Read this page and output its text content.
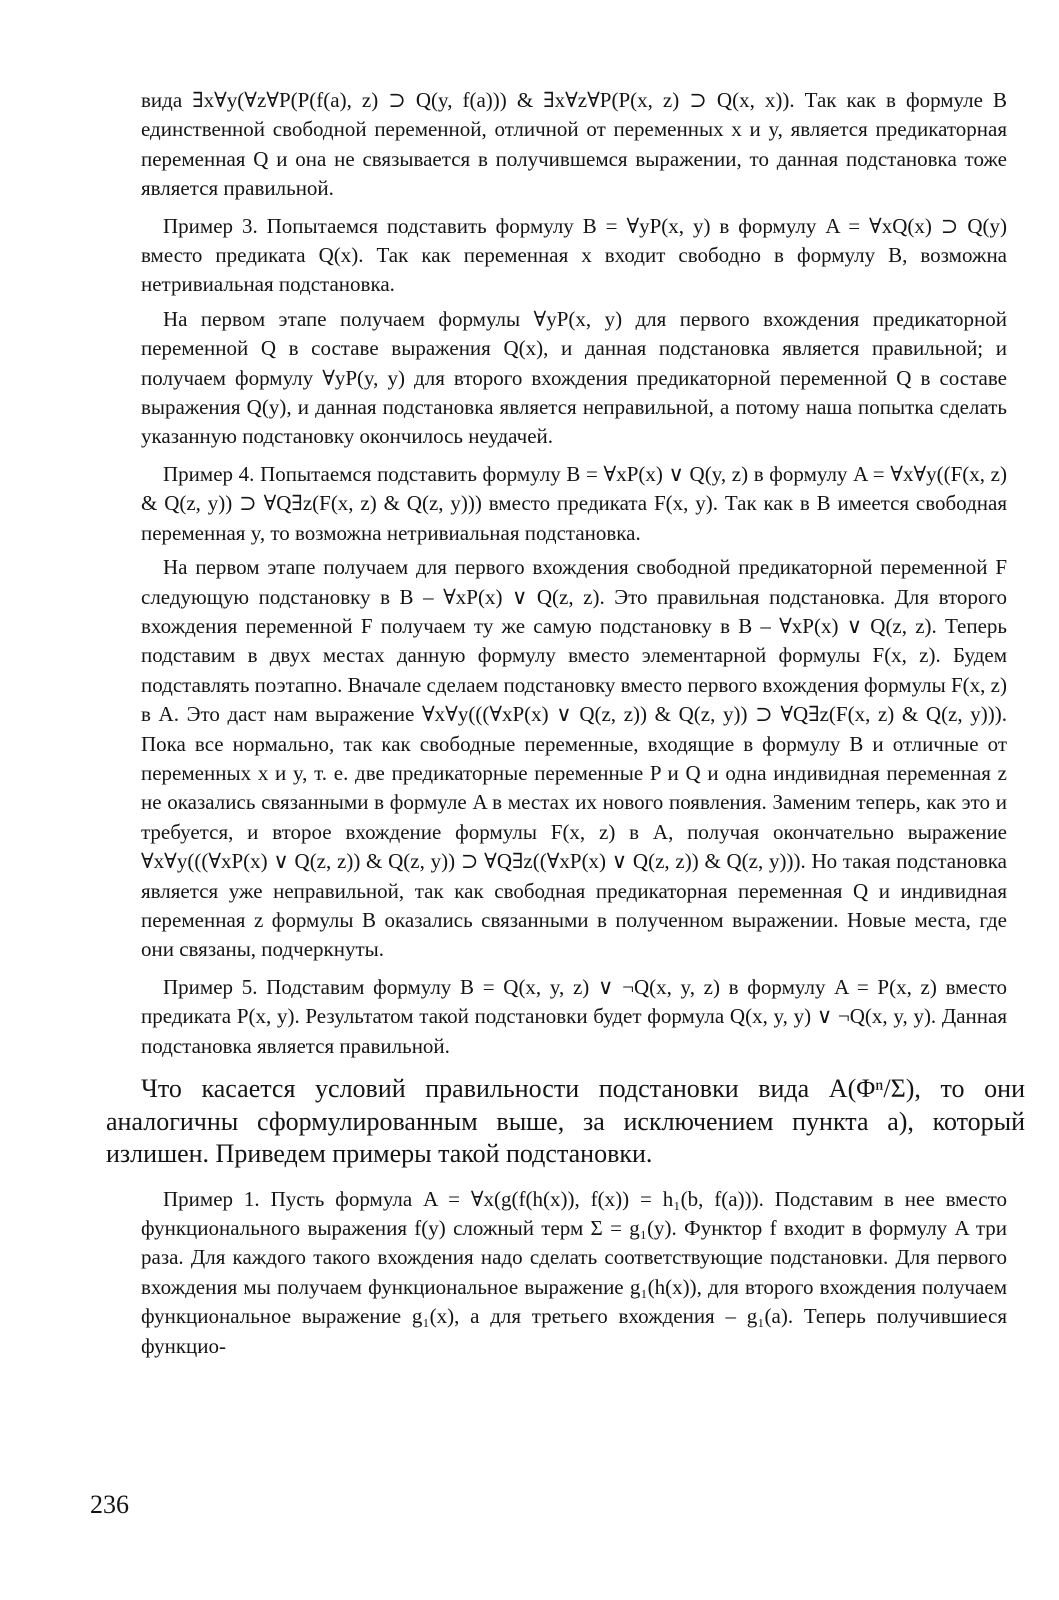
вида ∃x∀y(∀z∀P(P(f(a), z) ⊃ Q(y, f(a))) & ∃x∀z∀P(P(x, z) ⊃ Q(x, x)). Так как в формуле B единственной свободной переменной, отличной от переменных x и y, является предикаторная переменная Q и она не связывается в получившемся выражении, то данная подстановка тоже является правильной.

Пример 3. Попытаемся подставить формулу B = ∀yP(x, y) в формулу A = ∀xQ(x) ⊃ Q(y) вместо предиката Q(x). Так как переменная x входит свободно в формулу B, возможна нетривиальная подстановка.

На первом этапе получаем формулы ∀yP(x, y) для первого вхождения предикаторной переменной Q в составе выражения Q(x), и данная подстановка является правильной; и получаем формулу ∀yP(y, y) для второго вхождения предикаторной переменной Q в составе выражения Q(y), и данная подстановка является неправильной, а потому наша попытка сделать указанную подстановку окончилось неудачей.

Пример 4. Попытаемся подставить формулу B = ∀xP(x) ∨ Q(y, z) в формулу A = ∀x∀y((F(x, z) & Q(z, y)) ⊃ ∀Q∃z(F(x, z) & Q(z, y))) вместо предиката F(x, y). Так как в B имеется свободная переменная y, то возможна нетривиальная подстановка.

На первом этапе получаем для первого вхождения свободной предикаторной переменной F следующую подстановку в B – ∀xP(x) ∨ Q(z, z). Это правильная подстановка. Для второго вхождения переменной F получаем ту же самую подстановку в B – ∀xP(x) ∨ Q(z, z). Теперь подставим в двух местах данную формулу вместо элементарной формулы F(x, z). Будем подставлять поэтапно. Вначале сделаем подстановку вместо первого вхождения формулы F(x, z) в A. Это даст нам выражение ∀x∀y(((∀xP(x) ∨ Q(z, z)) & Q(z, y)) ⊃ ∀Q∃z(F(x, z) & Q(z, y))). Пока все нормально, так как свободные переменные, входящие в формулу B и отличные от переменных x и y, т. е. две предикаторные переменные P и Q и одна индивидная переменная z не оказались связанными в формуле A в местах их нового появления. Заменим теперь, как это и требуется, и второе вхождение формулы F(x, z) в A, получая окончательно выражение ∀x∀y(((∀xP(x) ∨ Q(z, z)) & Q(z, y)) ⊃ ∀Q∃z((∀xP(x) ∨ Q(z, z)) & Q(z, y))). Но такая подстановка является уже неправильной, так как свободная предикаторная переменная Q и индивидная переменная z формулы B оказались связанными в полученном выражении. Новые места, где они связаны, подчеркнуты.

Пример 5. Подставим формулу B = Q(x, y, z) ∨ ¬Q(x, y, z) в формулу A = P(x, z) вместо предиката P(x, y). Результатом такой подстановки будет формула Q(x, y, y) ∨ ¬Q(x, y, y). Данная подстановка является правильной.

Что касается условий правильности подстановки вида A(Φⁿ/Σ), то они аналогичны сформулированным выше, за исключением пункта а), который излишен. Приведем примеры такой подстановки.

Пример 1. Пусть формула A = ∀x(g(f(h(x)), f(x)) = h₁(b, f(a))). Подставим в нее вместо функционального выражения f(y) сложный терм Σ = g₁(y). Функтор f входит в формулу A три раза. Для каждого такого вхождения надо сделать соответствующие подстановки. Для первого вхождения мы получаем функциональное выражение g₁(h(x)), для второго вхождения получаем функциональное выражение g₁(x), а для третьего вхождения – g₁(a). Теперь получившиеся функцио-

236
